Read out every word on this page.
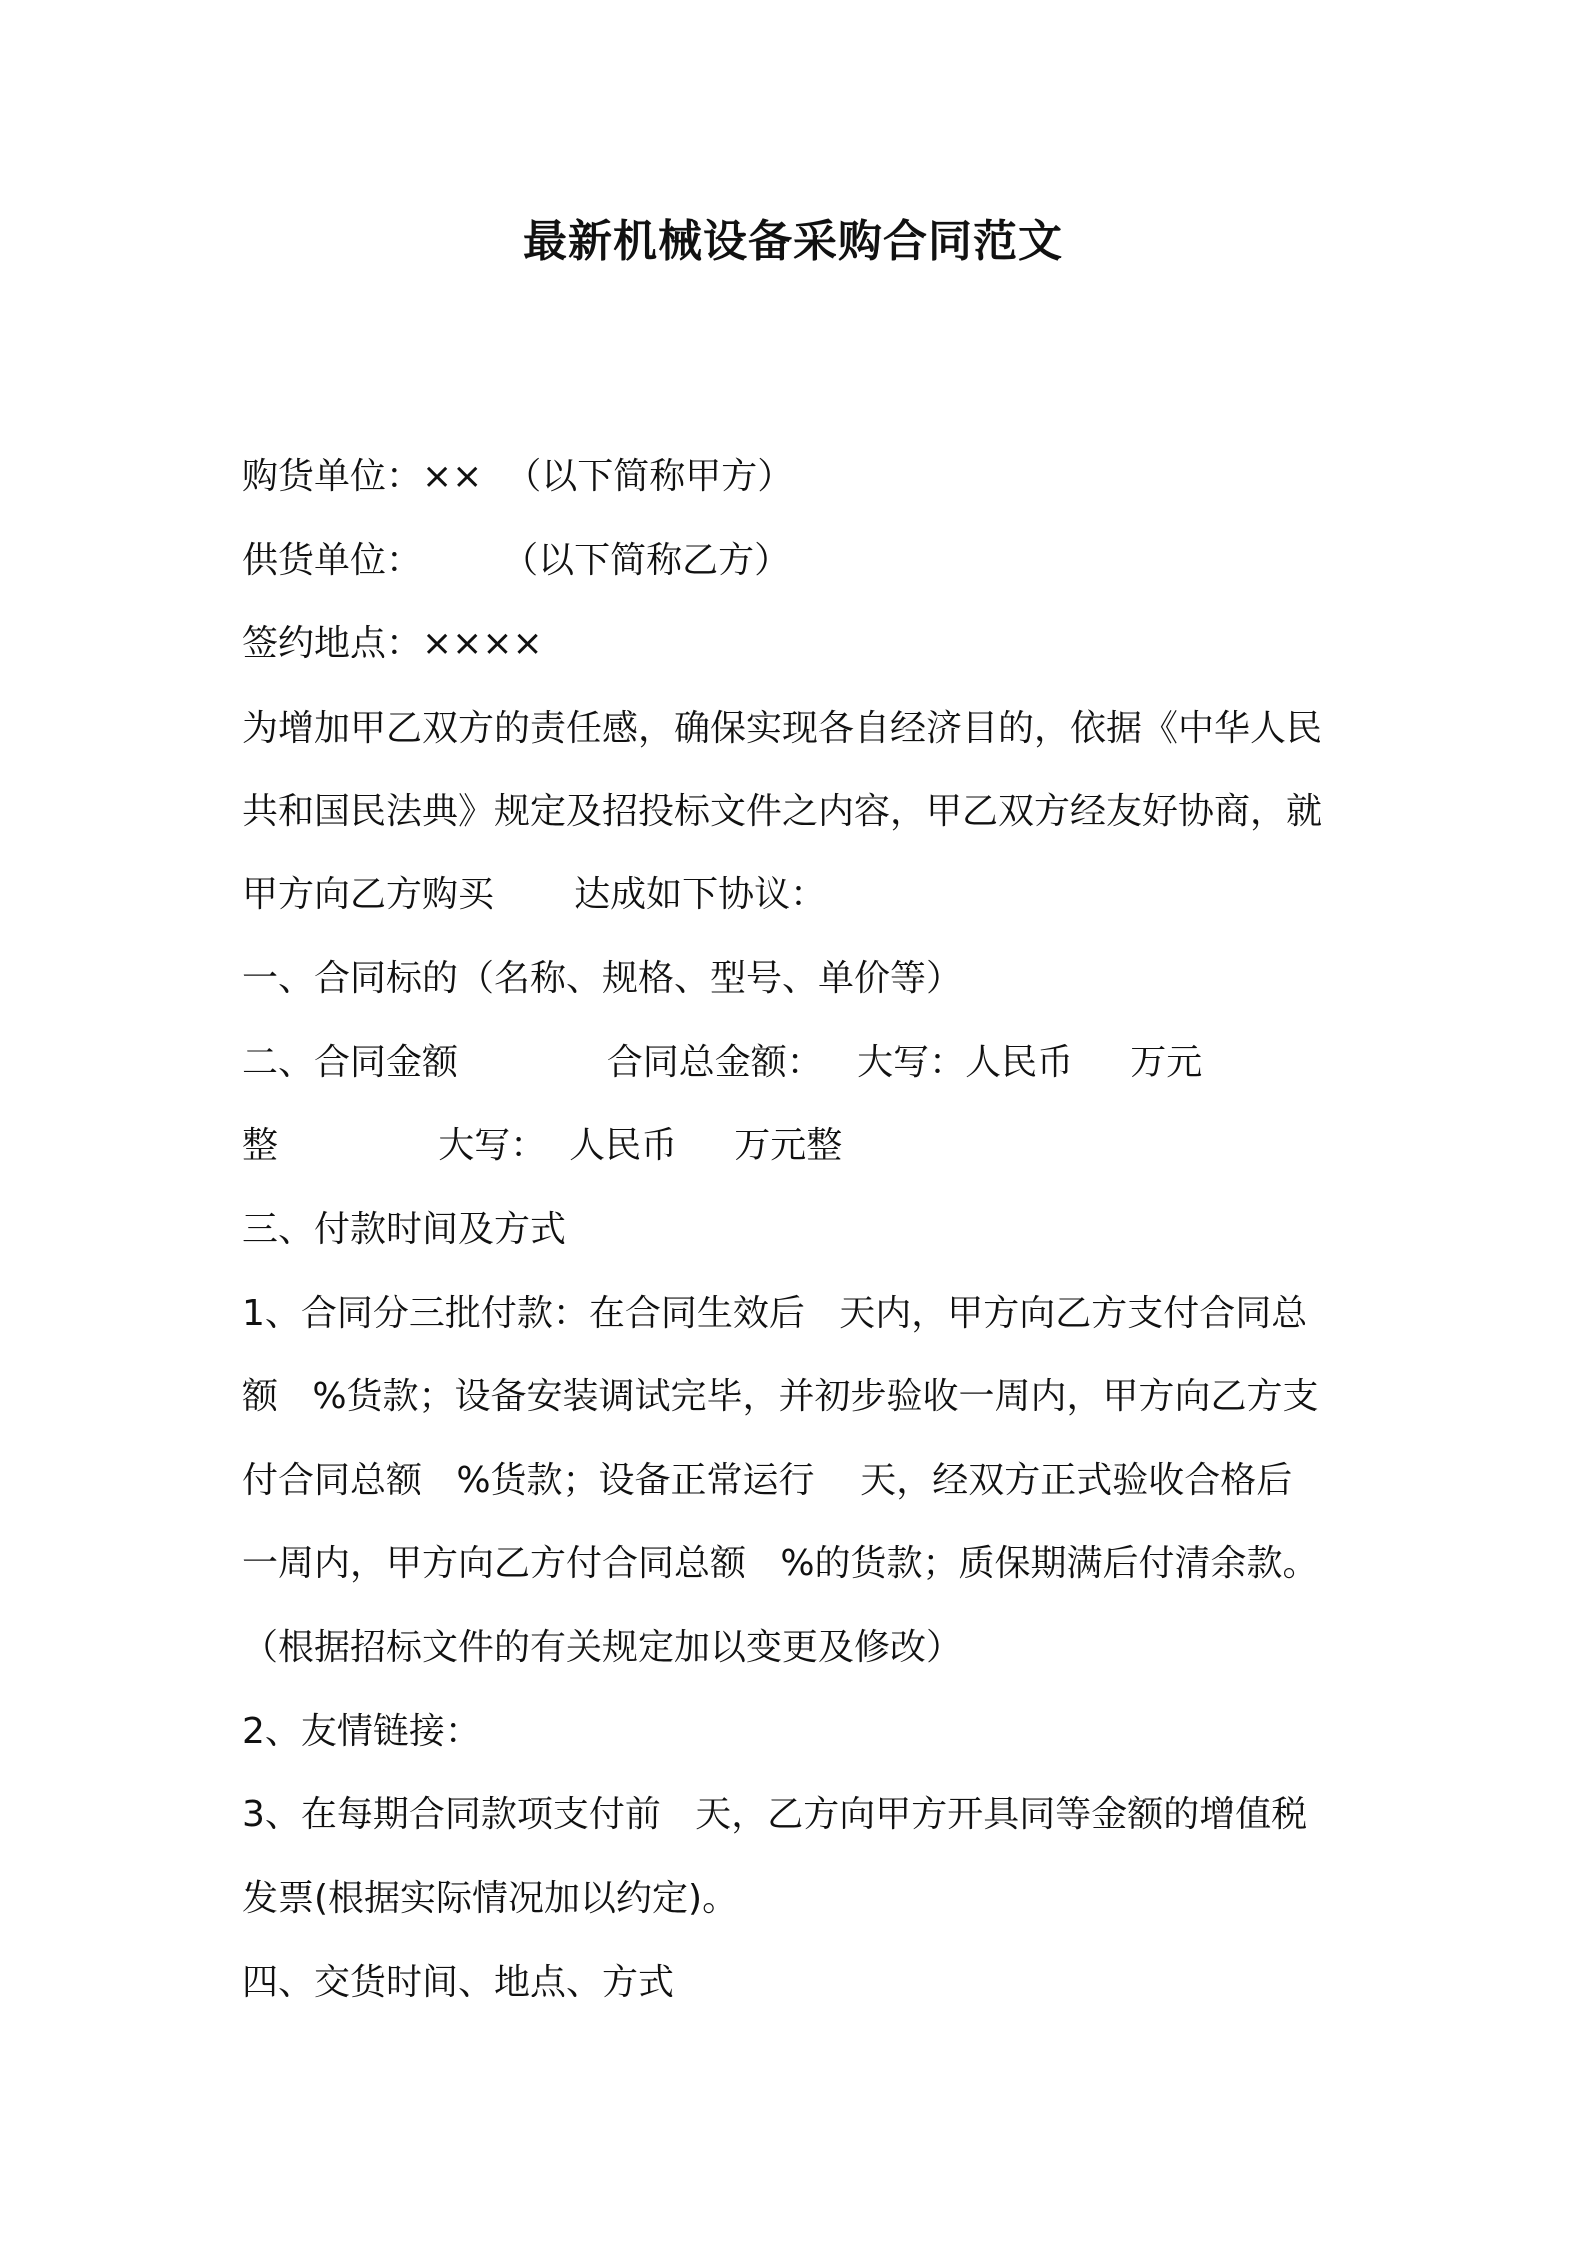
最新机械设备采购合同范文

购货单位：××  （以下简称甲方）

供货单位：       （以下简称乙方）

签约地点：××××

为增加甲乙双方的责任感，确保实现各自经济目的，依据《中华人民

共和国民法典》规定及招投标文件之内容，甲乙双方经友好协商，就

甲方向乙方购买       达成如下协议：

一、合同标的（名称、规格、型号、单价等）

二、合同金额             合同总金额：   大写：人民币     万元

整              大写：  人民币     万元整

三、付款时间及方式

1、合同分三批付款：在合同生效后   天内，甲方向乙方支付合同总

额   %货款；设备安装调试完毕，并初步验收一周内，甲方向乙方支

付合同总额   %货款；设备正常运行    天，经双方正式验收合格后

一周内，甲方向乙方付合同总额   %的货款；质保期满后付清余款。

（根据招标文件的有关规定加以变更及修改）

2、友情链接：

3、在每期合同款项支付前   天，乙方向甲方开具同等金额的增值税

发票(根据实际情况加以约定)。

四、交货时间、地点、方式
